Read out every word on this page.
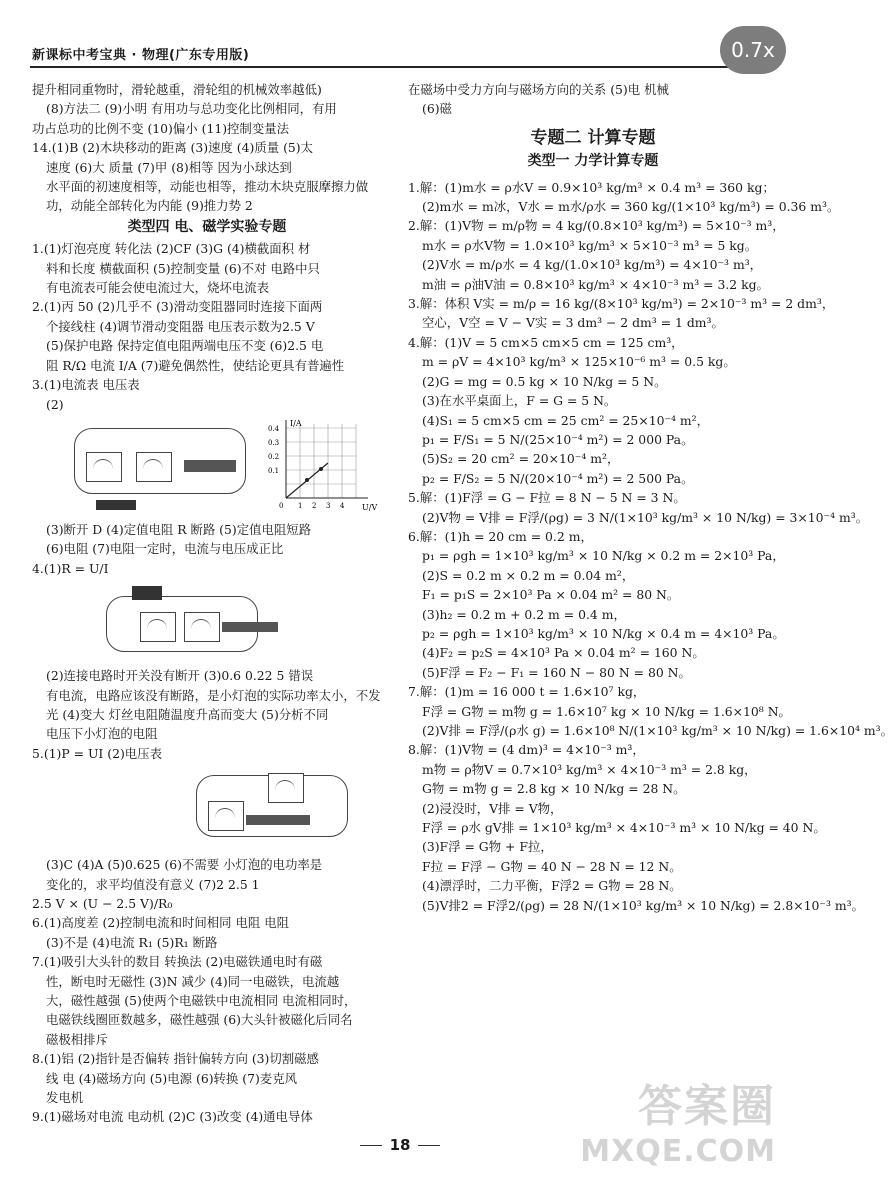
新课标中考宝典 · 物理(广东专用版)	0.7x
提升相同重物时，滑轮越重，滑轮组的机械效率越低)
(8)方法二 (9)小明 有用功与总功变化比例相同，有用
功占总功的比例不变 (10)偏小 (11)控制变量法
14.(1)B (2)木块移动的距离 (3)速度 (4)质量 (5)太
速度 (6)大 质量 (7)甲 (8)相等 因为小球达到
水平面的初速度相等，动能也相等，推动木块克服摩擦力做
功，动能全部转化为内能 (9)推力势 2
类型四 电、磁学实验专题
1.(1)灯泡亮度 转化法 (2)CF (3)G (4)横截面积 材
料和长度 横截面积 (5)控制变量 (6)不对 电路中只
有电流表可能会使电流过大，烧坏电流表
2.(1)丙 50 (2)几乎不 (3)滑动变阻器同时连接下面两
个接线柱 (4)调节滑动变阻器 电压表示数为2.5 V
(5)保护电路 保持定值电阻两端电压不变 (6)2.5 电
阻 R/Ω 电流 I/A (7)避免偶然性，使结论更具有普遍性
3.(1)电流表 电压表
(2)
I/A
U/V
0.4
0.3
0.2
0.1
0 1 2 3 4
(3)断开 D (4)定值电阻 R 断路 (5)定值电阻短路
(6)电阻 (7)电阻一定时，电流与电压成正比
4.(1)R = U/I
(2)连接电路时开关没有断开 (3)0.6 0.22 5 错误
有电流，电路应该没有断路，是小灯泡的实际功率太小，不发
光 (4)变大 灯丝电阻随温度升高而变大 (5)分析不同
电压下小灯泡的电阻
5.(1)P = UI (2)电压表
(3)C (4)A (5)0.625 (6)不需要 小灯泡的电功率是
变化的，求平均值没有意义 (7)2 2.5 1
2.5 V × (U − 2.5 V)/R₀
6.(1)高度差 (2)控制电流和时间相同 电阻 电阻
(3)不是 (4)电流 R₁ (5)R₁ 断路
7.(1)吸引大头针的数目 转换法 (2)电磁铁通电时有磁
性，断电时无磁性 (3)N 减少 (4)同一电磁铁，电流越
大，磁性越强 (5)使两个电磁铁中电流相同 电流相同时，
电磁铁线圈匝数越多，磁性越强 (6)大头针被磁化后同名
磁极相排斥
8.(1)铝 (2)指针是否偏转 指针偏转方向 (3)切割磁感
线 电 (4)磁场方向 (5)电源 (6)转换 (7)麦克风
发电机
9.(1)磁场对电流 电动机 (2)C (3)改变 (4)通电导体
在磁场中受力方向与磁场方向的关系 (5)电 机械
(6)磁
专题二 计算专题
类型一 力学计算专题
1.解：(1)m水 = ρ水V = 0.9×10³ kg/m³ × 0.4 m³ = 360 kg；
(2)m水 = m冰，V水 = m水/ρ水 = 360 kg/(1×10³ kg/m³) = 0.36 m³。
2.解：(1)V物 = m/ρ物 = 4 kg/(0.8×10³ kg/m³) = 5×10⁻³ m³，
m水 = ρ水V物 = 1.0×10³ kg/m³ × 5×10⁻³ m³ = 5 kg。
(2)V水 = m/ρ水 = 4 kg/(1.0×10³ kg/m³) = 4×10⁻³ m³，
m油 = ρ油V油 = 0.8×10³ kg/m³ × 4×10⁻³ m³ = 3.2 kg。
3.解：体积 V实 = m/ρ = 16 kg/(8×10³ kg/m³) = 2×10⁻³ m³ = 2 dm³，
空心，V空 = V − V实 = 3 dm³ − 2 dm³ = 1 dm³。
4.解：(1)V = 5 cm×5 cm×5 cm = 125 cm³，
m = ρV = 4×10³ kg/m³ × 125×10⁻⁶ m³ = 0.5 kg。
(2)G = mg = 0.5 kg × 10 N/kg = 5 N。
(3)在水平桌面上，F = G = 5 N。
(4)S₁ = 5 cm×5 cm = 25 cm² = 25×10⁻⁴ m²，
p₁ = F/S₁ = 5 N/(25×10⁻⁴ m²) = 2 000 Pa。
(5)S₂ = 20 cm² = 20×10⁻⁴ m²，
p₂ = F/S₂ = 5 N/(20×10⁻⁴ m²) = 2 500 Pa。
5.解：(1)F浮 = G − F拉 = 8 N − 5 N = 3 N。
(2)V物 = V排 = F浮/(ρg) = 3 N/(1×10³ kg/m³ × 10 N/kg) = 3×10⁻⁴ m³。
6.解：(1)h = 20 cm = 0.2 m，
p₁ = ρgh = 1×10³ kg/m³ × 10 N/kg × 0.2 m = 2×10³ Pa，
(2)S = 0.2 m × 0.2 m = 0.04 m²，
F₁ = p₁S = 2×10³ Pa × 0.04 m² = 80 N。
(3)h₂ = 0.2 m + 0.2 m = 0.4 m，
p₂ = ρgh = 1×10³ kg/m³ × 10 N/kg × 0.4 m = 4×10³ Pa。
(4)F₂ = p₂S = 4×10³ Pa × 0.04 m² = 160 N。
(5)F浮 = F₂ − F₁ = 160 N − 80 N = 80 N。
7.解：(1)m = 16 000 t = 1.6×10⁷ kg，
F浮 = G物 = m物 g = 1.6×10⁷ kg × 10 N/kg = 1.6×10⁸ N。
(2)V排 = F浮/(ρ水 g) = 1.6×10⁸ N/(1×10³ kg/m³ × 10 N/kg) = 1.6×10⁴ m³。
8.解：(1)V物 = (4 dm)³ = 4×10⁻³ m³，
m物 = ρ物V = 0.7×10³ kg/m³ × 4×10⁻³ m³ = 2.8 kg，
G物 = m物 g = 2.8 kg × 10 N/kg = 28 N。
(2)浸没时，V排 = V物，
F浮 = ρ水 gV排 = 1×10³ kg/m³ × 4×10⁻³ m³ × 10 N/kg = 40 N。
(3)F浮 = G物 + F拉，
F拉 = F浮 − G物 = 40 N − 28 N = 12 N。
(4)漂浮时，二力平衡，F浮2 = G物 = 28 N。
(5)V排2 = F浮2/(ρg) = 28 N/(1×10³ kg/m³ × 10 N/kg) = 2.8×10⁻³ m³。
18
答案圈
MXQE.COM
